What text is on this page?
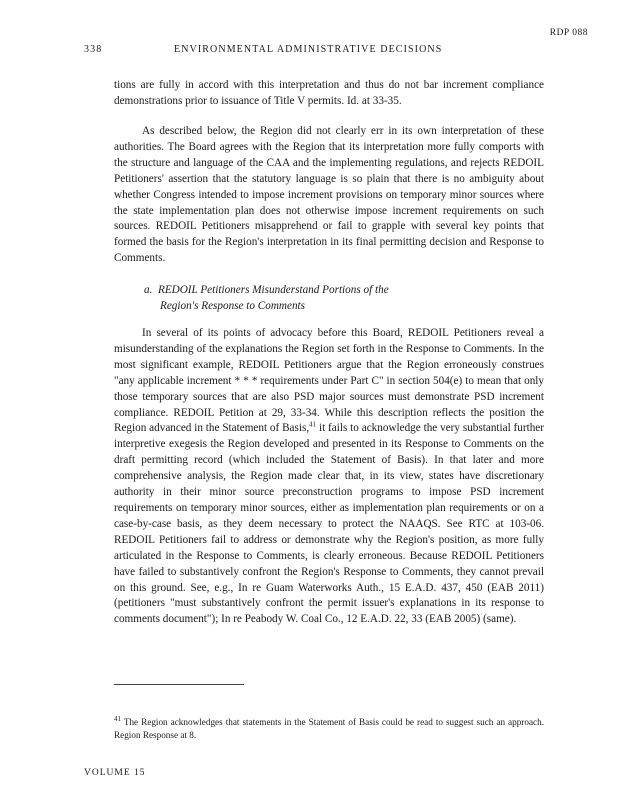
RDP 088
338	ENVIRONMENTAL ADMINISTRATIVE DECISIONS

tions are fully in accord with this interpretation and thus do not bar increment compliance demonstrations prior to issuance of Title V permits. Id. at 33-35.

As described below, the Region did not clearly err in its own interpretation of these authorities. The Board agrees with the Region that its interpretation more fully comports with the structure and language of the CAA and the implementing regulations, and rejects REDOIL Petitioners' assertion that the statutory language is so plain that there is no ambiguity about whether Congress intended to impose increment provisions on temporary minor sources where the state implementation plan does not otherwise impose increment requirements on such sources. REDOIL Petitioners misapprehend or fail to grapple with several key points that formed the basis for the Region's interpretation in its final permitting decision and Response to Comments.

a. REDOIL Petitioners Misunderstand Portions of the
Region's Response to Comments

In several of its points of advocacy before this Board, REDOIL Petitioners reveal a misunderstanding of the explanations the Region set forth in the Response to Comments. In the most significant example, REDOIL Petitioners argue that the Region erroneously construes "any applicable increment * * * requirements under Part C" in section 504(e) to mean that only those temporary sources that are also PSD major sources must demonstrate PSD increment compliance. REDOIL Petition at 29, 33-34. While this description reflects the position the Region advanced in the Statement of Basis,$^{41}$ it fails to acknowledge the very substantial further interpretive exegesis the Region developed and presented in its Response to Comments on the draft permitting record (which included the Statement of Basis). In that later and more comprehensive analysis, the Region made clear that, in its view, states have discretionary authority in their minor source preconstruction programs to impose PSD increment requirements on temporary minor sources, either as implementation plan requirements or on a case-by-case basis, as they deem necessary to protect the NAAQS. See RTC at 103-06. REDOIL Petitioners fail to address or demonstrate why the Region's position, as more fully articulated in the Response to Comments, is clearly erroneous. Because REDOIL Petitioners have failed to substantively confront the Region's Response to Comments, they cannot prevail on this ground. See, e.g., In re Guam Waterworks Auth., 15 E.A.D. 437, 450 (EAB 2011) (petitioners "must substantively confront the permit issuer's explanations in its response to comments document"); In re Peabody W. Coal Co., 12 E.A.D. 22, 33 (EAB 2005) (same).

$^{41}$ The Region acknowledges that statements in the Statement of Basis could be read to suggest such an approach. Region Response at 8.
VOLUME 15
